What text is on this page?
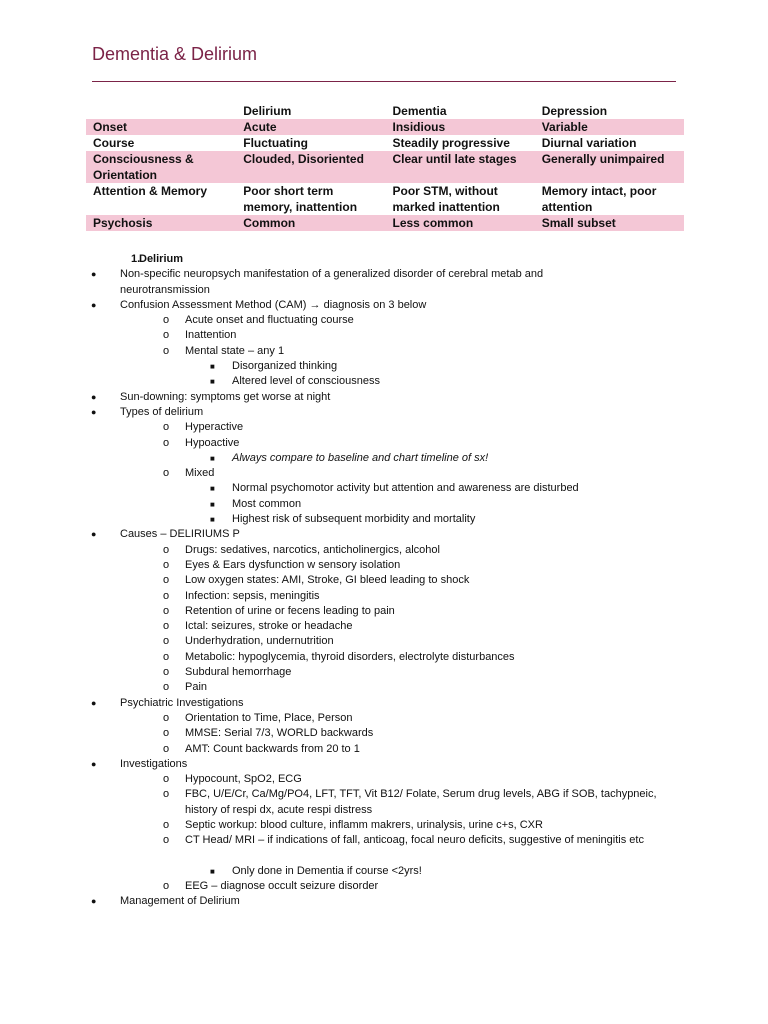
Dementia & Delirium
	Delirium	Dementia	Depression
Onset	Acute	Insidious	Variable
Course	Fluctuating	Steadily progressive	Diurnal variation
Consciousness & Orientation	Clouded, Disoriented	Clear until late stages	Generally unimpaired
Attention & Memory	Poor short term memory, inattention	Poor STM, without marked inattention	Memory intact, poor attention
Psychosis	Common	Less common	Small subset
1.
Delirium
● Non-specific neuropsych manifestation of a generalized disorder of cerebral metab and neurotransmission
● Confusion Assessment Method (CAM) → diagnosis on 3 below
o Acute onset and fluctuating course
o Inattention
o Mental state – any 1
■ Disorganized thinking
■ Altered level of consciousness
● Sun-downing: symptoms get worse at night
● Types of delirium
o Hyperactive
o Hypoactive
■ Always compare to baseline and chart timeline of sx!
o Mixed
■ Normal psychomotor activity but attention and awareness are disturbed
■ Most common
■ Highest risk of subsequent morbidity and mortality
● Causes – DELIRIUMS P
o Drugs: sedatives, narcotics, anticholinergics, alcohol
o Eyes & Ears dysfunction w sensory isolation
o Low oxygen states: AMI, Stroke, GI bleed leading to shock
o Infection: sepsis, meningitis
o Retention of urine or fecens leading to pain
o Ictal: seizures, stroke or headache
o Underhydration, undernutrition
o Metabolic: hypoglycemia, thyroid disorders, electrolyte disturbances
o Subdural hemorrhage
o Pain
● Psychiatric Investigations
o Orientation to Time, Place, Person
o MMSE: Serial 7/3, WORLD backwards
o AMT: Count backwards from 20 to 1
● Investigations
o Hypocount, SpO2, ECG
o FBC, U/E/Cr, Ca/Mg/PO4, LFT, TFT, Vit B12/ Folate, Serum drug levels, ABG if SOB, tachypneic, history of respi dx, acute respi distress
o Septic workup: blood culture, inflamm makrers, urinalysis, urine c+s, CXR
o CT Head/ MRI – if indications of fall, anticoag, focal neuro deficits, suggestive of meningitis etc
■ Only done in Dementia if course <2yrs!
o EEG – diagnose occult seizure disorder
● Management of Delirium
